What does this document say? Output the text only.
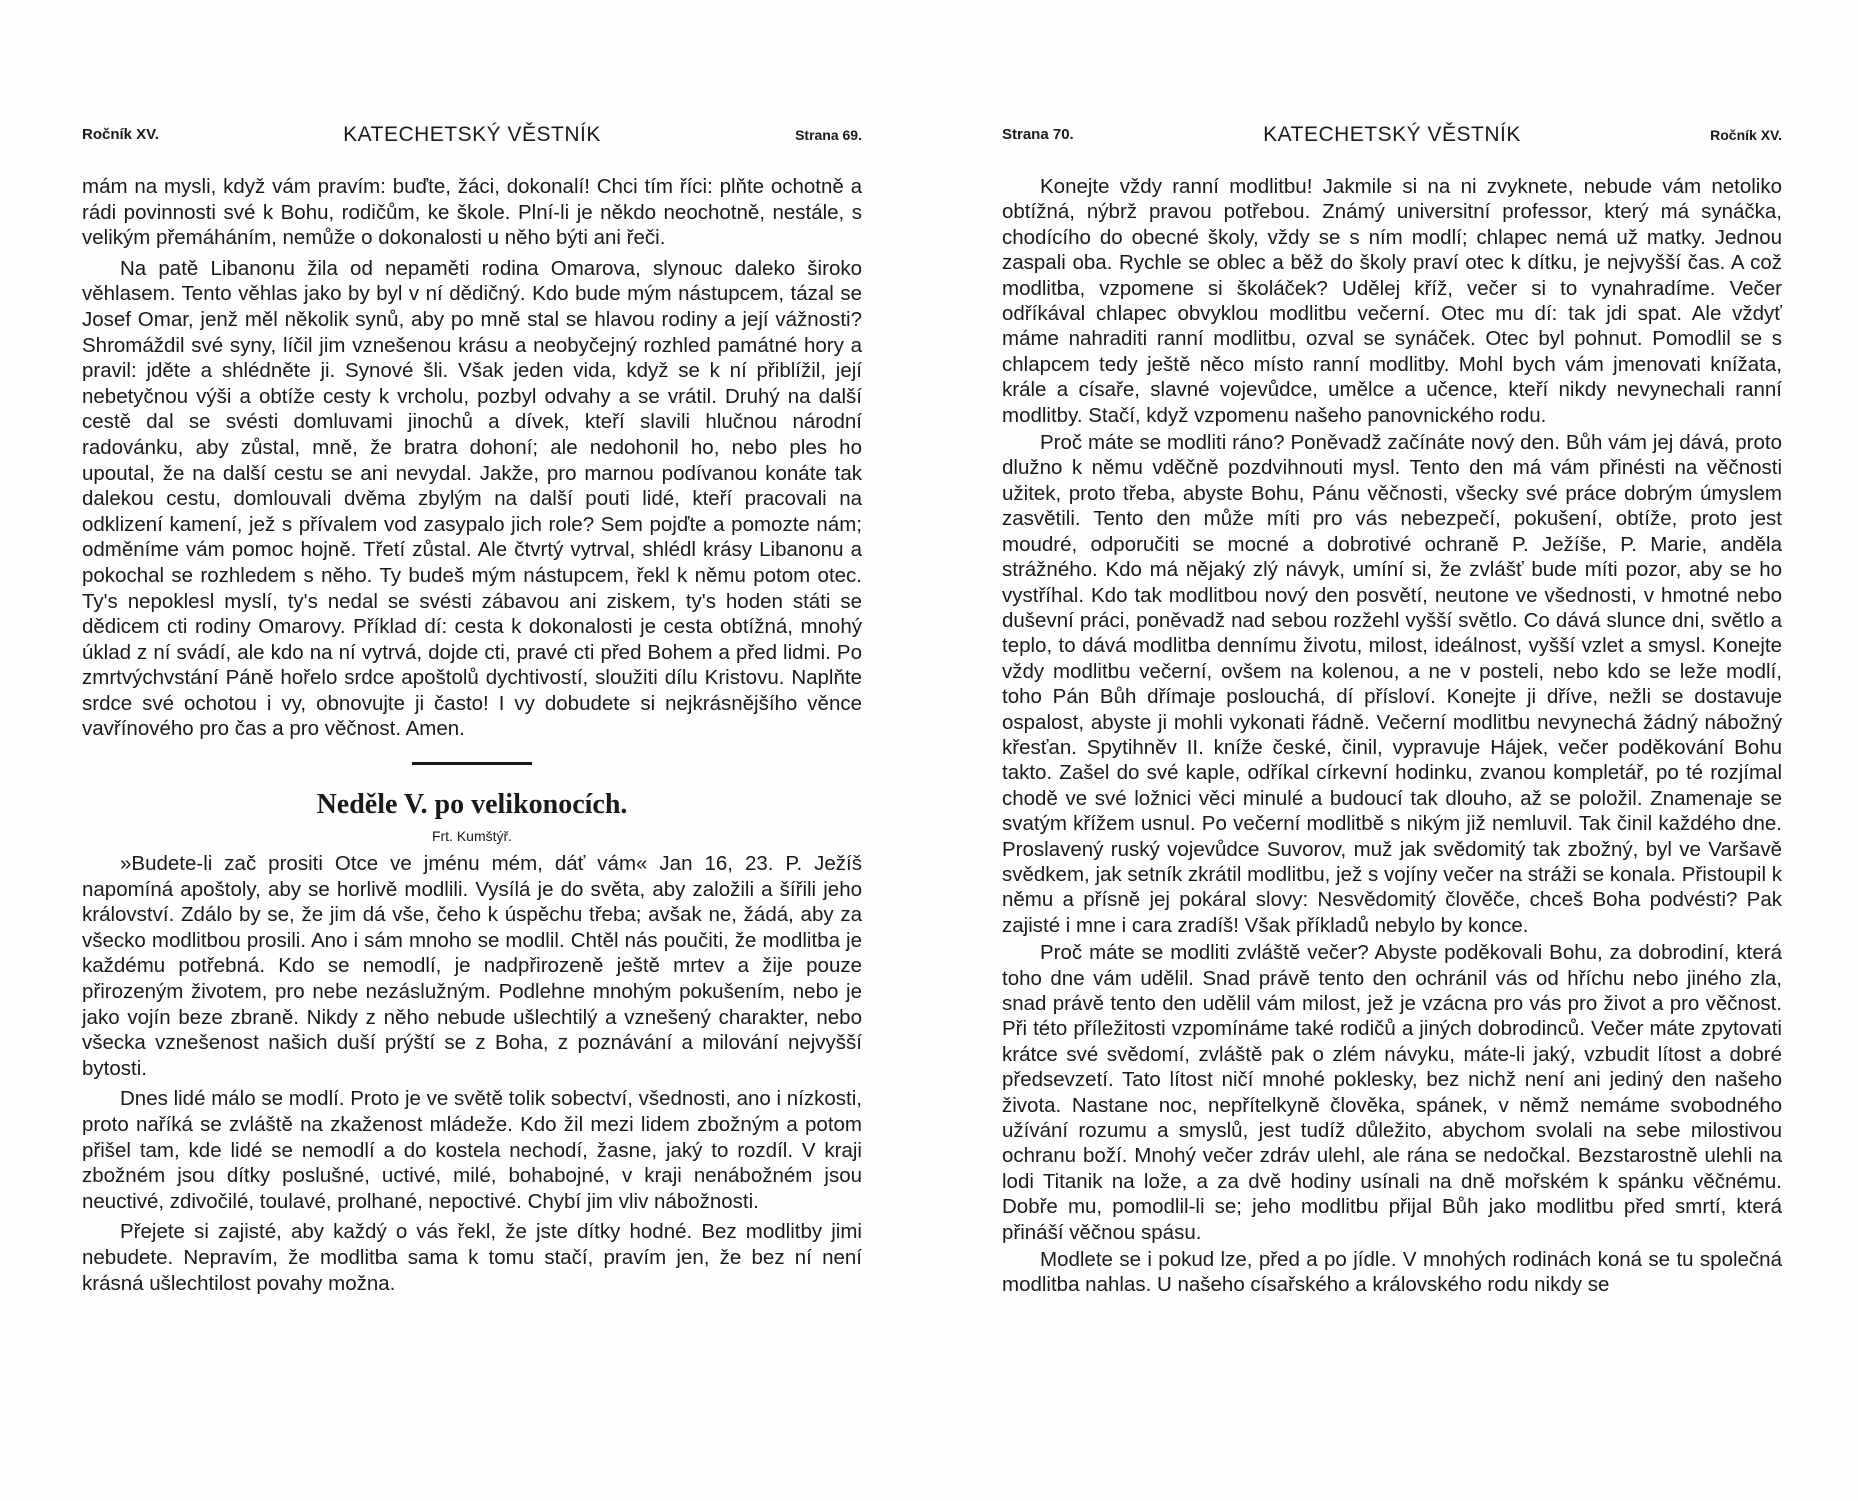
Ročník XV.	KATECHETSKÝ VĚSTNÍK	Strana 69.

mám na mysli, když vám pravím: buďte, žáci, dokonalí! Chci tím říci: plňte ochotně a rádi povinnosti své k Bohu, rodičům, ke škole. Plní-li je někdo neochotně, nestále, s velikým přemáháním, nemůže o dokonalosti u něho býti ani řeči.

Na patě Libanonu žila od nepaměti rodina Omarova, slynouc daleko široko věhlasem. Tento věhlas jako by byl v ní dědičný. Kdo bude mým nástupcem, tázal se Josef Omar, jenž měl několik synů, aby po mně stal se hlavou rodiny a její vážnosti? Shromáždil své syny, líčil jim vznešenou krásu a neobyčejný rozhled památné hory a pravil: jděte a shlédněte ji. Synové šli. Však jeden vida, když se k ní přiblížil, její nebetyčnou výši a obtíže cesty k vrcholu, pozbyl odvahy a se vrátil. Druhý na další cestě dal se svésti domluvami jinochů a dívek, kteří slavili hlučnou národní radovánku, aby zůstal, mně, že bratra dohoní; ale nedohonil ho, nebo ples ho upoutal, že na další cestu se ani nevydal. Jakže, pro marnou podívanou konáte tak dalekou cestu, domlouvali dvěma zbylým na další pouti lidé, kteří pracovali na odklizení kamení, jež s přívalem vod zasypalo jich role? Sem pojďte a pomozte nám; odměníme vám pomoc hojně. Třetí zůstal. Ale čtvrtý vytrval, shlédl krásy Libanonu a pokochal se rozhledem s něho. Ty budeš mým nástupcem, řekl k němu potom otec. Ty's nepoklesl myslí, ty's nedal se svésti zábavou ani ziskem, ty's hoden státi se dědicem cti rodiny Omarovy. Příklad dí: cesta k dokonalosti je cesta obtížná, mnohý úklad z ní svádí, ale kdo na ní vytrvá, dojde cti, pravé cti před Bohem a před lidmi. Po zmrtvýchvstání Páně hořelo srdce apoštolů dychtivostí, sloužiti dílu Kristovu. Naplňte srdce své ochotou i vy, obnovujte ji často! I vy dobudete si nejkrásnějšího věnce vavřínového pro čas a pro věčnost. Amen.

Neděle V. po velikonocích.

Frt. Kumštýř.

»Budete-li zač prositi Otce ve jménu mém, dáť vám« Jan 16, 23. P. Ježíš napomíná apoštoly, aby se horlivě modlili. Vysílá je do světa, aby založili a šířili jeho království. Zdálo by se, že jim dá vše, čeho k úspěchu třeba; avšak ne, žádá, aby za všecko modlitbou prosili. Ano i sám mnoho se modlil. Chtěl nás poučiti, že modlitba je každému potřebná. Kdo se nemodlí, je nadpřirozeně ještě mrtev a žije pouze přirozeným životem, pro nebe nezáslužným. Podlehne mnohým pokušením, nebo je jako vojín beze zbraně. Nikdy z něho nebude ušlechtilý a vznešený charakter, nebo všecka vznešenost našich duší prýští se z Boha, z poznávání a milování nejvyšší bytosti.

Dnes lidé málo se modlí. Proto je ve světě tolik sobectví, všednosti, ano i nízkosti, proto naříká se zvláště na zkaženost mládeže. Kdo žil mezi lidem zbožným a potom přišel tam, kde lidé se nemodlí a do kostela nechodí, žasne, jaký to rozdíl. V kraji zbožném jsou dítky poslušné, uctivé, milé, bohabojné, v kraji nenábožném jsou neuctivé, zdivočilé, toulavé, prolhané, nepoctivé. Chybí jim vliv nábožnosti.

Přejete si zajisté, aby každý o vás řekl, že jste dítky hodné. Bez modlitby jimi nebudete. Nepravím, že modlitba sama k tomu stačí, pravím jen, že bez ní není krásná ušlechtilost povahy možna.

Strana 70.	KATECHETSKÝ VĚSTNÍK	Ročník XV.

Konejte vždy ranní modlitbu! Jakmile si na ni zvyknete, nebude vám netoliko obtížná, nýbrž pravou potřebou. Známý universitní professor, který má synáčka, chodícího do obecné školy, vždy se s ním modlí; chlapec nemá už matky. Jednou zaspali oba. Rychle se oblec a běž do školy praví otec k dítku, je nejvyšší čas. A což modlitba, vzpomene si školáček? Udělej kříž, večer si to vynahradíme. Večer odříkával chlapec obvyklou modlitbu večerní. Otec mu dí: tak jdi spat. Ale vždyť máme nahraditi ranní modlitbu, ozval se synáček. Otec byl pohnut. Pomodlil se s chlapcem tedy ještě něco místo ranní modlitby. Mohl bych vám jmenovati knížata, krále a císaře, slavné vojevůdce, umělce a učence, kteří nikdy nevynechali ranní modlitby. Stačí, když vzpomenu našeho panovnického rodu.

Proč máte se modliti ráno? Poněvadž začínáte nový den. Bůh vám jej dává, proto dlužno k němu vděčně pozdvihnouti mysl. Tento den má vám přinésti na věčnosti užitek, proto třeba, abyste Bohu, Pánu věčnosti, všecky své práce dobrým úmyslem zasvětili. Tento den může míti pro vás nebezpečí, pokušení, obtíže, proto jest moudré, odporučiti se mocné a dobrotivé ochraně P. Ježíše, P. Marie, anděla strážného. Kdo má nějaký zlý návyk, umíní si, že zvlášť bude míti pozor, aby se ho vystříhal. Kdo tak modlitbou nový den posvětí, neutone ve všednosti, v hmotné nebo duševní práci, poněvadž nad sebou rozžehl vyšší světlo. Co dává slunce dni, světlo a teplo, to dává modlitba dennímu životu, milost, ideálnost, vyšší vzlet a smysl. Konejte vždy modlitbu večerní, ovšem na kolenou, a ne v posteli, nebo kdo se leže modlí, toho Pán Bůh dřímaje poslouchá, dí přísloví. Konejte ji dříve, nežli se dostavuje ospalost, abyste ji mohli vykonati řádně. Večerní modlitbu nevynechá žádný nábožný křesťan. Spytihněv II. kníže české, činil, vypravuje Hájek, večer poděkování Bohu takto. Zašel do své kaple, odříkal církevní hodinku, zvanou kompletář, po té rozjímal chodě ve své ložnici věci minulé a budoucí tak dlouho, až se položil. Znamenaje se svatým křížem usnul. Po večerní modlitbě s nikým již nemluvil. Tak činil každého dne. Proslavený ruský vojevůdce Suvorov, muž jak svědomitý tak zbožný, byl ve Varšavě svědkem, jak setník zkrátil modlitbu, jež s vojíny večer na stráži se konala. Přistoupil k němu a přísně jej pokáral slovy: Nesvědomitý člověče, chceš Boha podvésti? Pak zajisté i mne i cara zradíš! Však příkladů nebylo by konce.

Proč máte se modliti zvláště večer? Abyste poděkovali Bohu, za dobrodiní, která toho dne vám udělil. Snad právě tento den ochránil vás od hříchu nebo jiného zla, snad právě tento den udělil vám milost, jež je vzácna pro vás pro život a pro věčnost. Při této příležitosti vzpomínáme také rodičů a jiných dobrodinců. Večer máte zpytovati krátce své svědomí, zvláště pak o zlém návyku, máte-li jaký, vzbudit lítost a dobré předsevzetí. Tato lítost ničí mnohé poklesky, bez nichž není ani jediný den našeho života. Nastane noc, nepřítelkyně člověka, spánek, v němž nemáme svobodného užívání rozumu a smyslů, jest tudíž důležito, abychom svolali na sebe milostivou ochranu boží. Mnohý večer zdráv ulehl, ale rána se nedočkal. Bezstarostně ulehli na lodi Titanik na lože, a za dvě hodiny usínali na dně mořském k spánku věčnému. Dobře mu, pomodlil-li se; jeho modlitbu přijal Bůh jako modlitbu před smrtí, která přináší věčnou spásu.

Modlete se i pokud lze, před a po jídle. V mnohých rodinách koná se tu společná modlitba nahlas. U našeho císařského a královského rodu nikdy se
